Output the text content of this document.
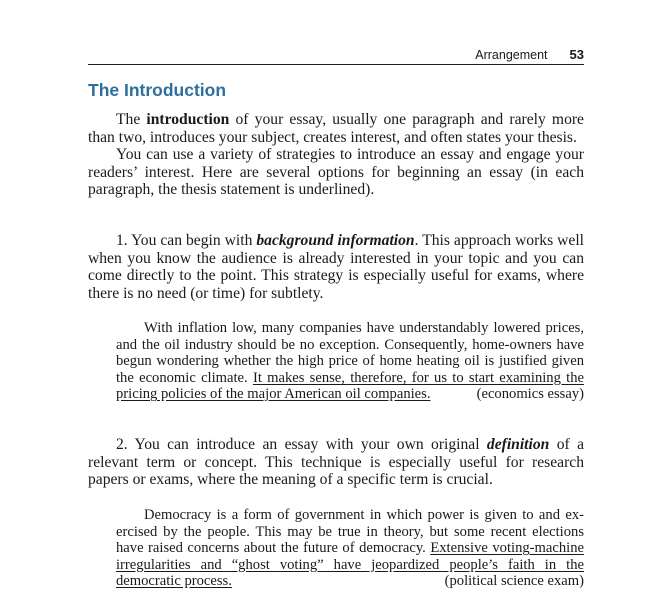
Arrangement 53
The Introduction

The introduction of your essay, usually one paragraph and rarely more than two, introduces your subject, creates interest, and often states your thesis.

You can use a variety of strategies to introduce an essay and engage your readers’ interest. Here are several options for beginning an essay (in each paragraph, the thesis statement is underlined).

1. You can begin with background information. This approach works well when you know the audience is already interested in your topic and you can come directly to the point. This strategy is especially useful for exams, where there is no need (or time) for subtlety.

With inflation low, many companies have understandably lowered prices, and the oil industry should be no exception. Consequently, home-owners have begun wondering whether the high price of home heating oil is justified given the economic climate. It makes sense, therefore, for us to start examining the pricing policies of the major American oil companies.	(economics essay)

2. You can introduce an essay with your own original definition of a relevant term or concept. This technique is especially useful for research papers or exams, where the meaning of a specific term is crucial.

Democracy is a form of government in which power is given to and ex-ercised by the people. This may be true in theory, but some recent elections have raised concerns about the future of democracy. Extensive voting-machine irregularities and “ghost voting” have jeopardized people’s faith in the democratic process.	(political science exam)
